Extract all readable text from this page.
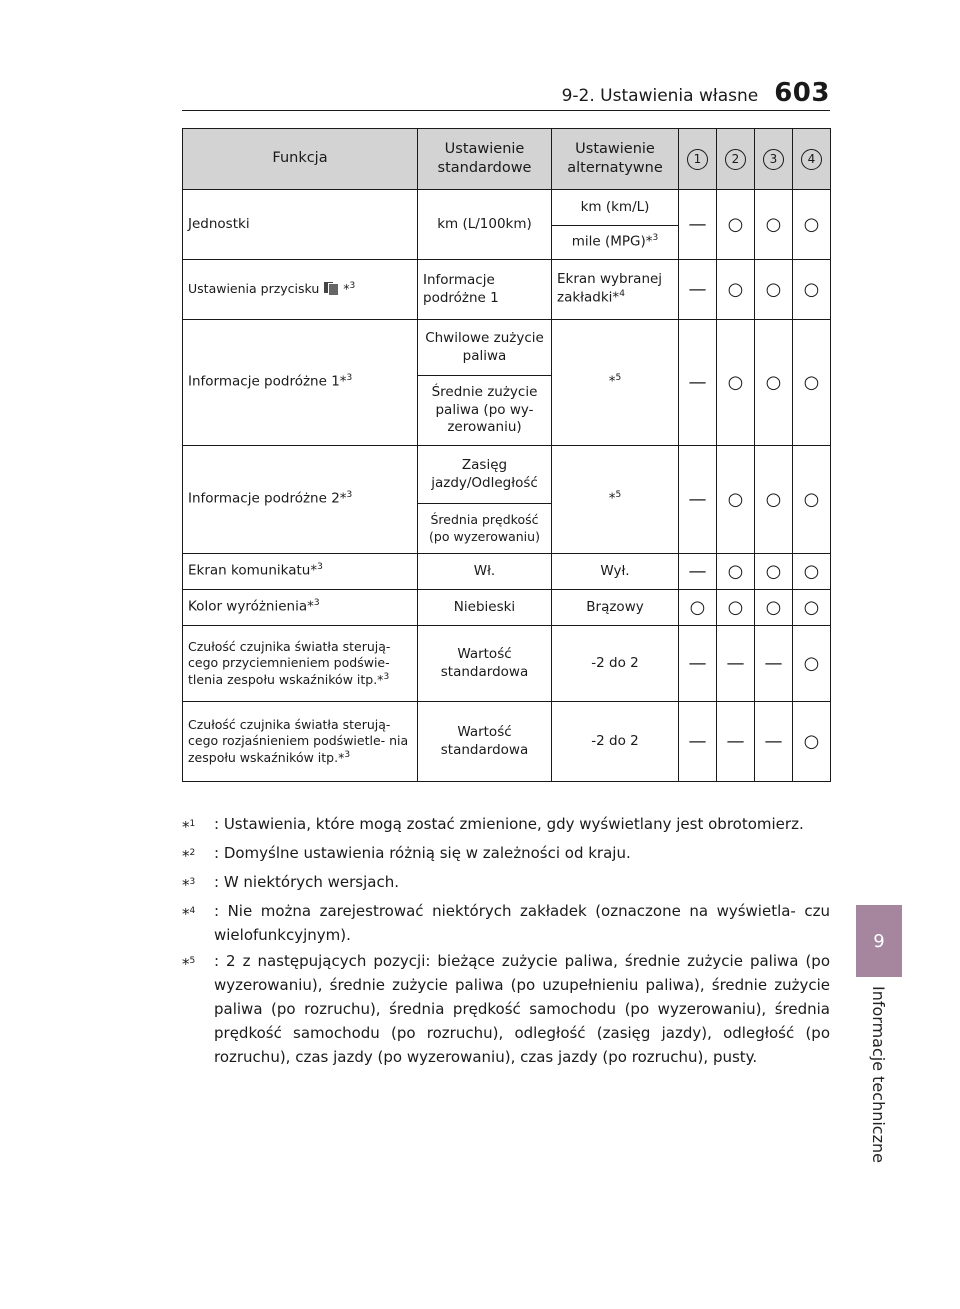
9-2. Ustawienia własne 603
9
Informacje techniczne
Funkcja	Ustawienie standardowe	Ustawienie alternatywne	1	2	3	4
Jednostki	km (L/100km)	km (km/L)	—	○	○	○
		mile (MPG)*$^3$
Ustawienia przycisku *$^3$	Informacje podróżne 1	Ekran wybranej zakładki*$^4$	—	○	○	○
Informacje podróżne 1*$^3$	Chwilowe zużycie paliwa	*$^5$	—	○	○	○
	Średnie zużycie paliwa (po wy- zerowaniu)					
Informacje podróżne 2*$^3$	Zasięg jazdy/Odległość	*$^5$	—	○	○	○
	Średnia prędkość (po wyzerowaniu)					
Ekran komunikatu*$^3$	Wł.	Wył.	—	○	○	○
Kolor wyróżnienia*$^3$	Niebieski	Brązowy	○	○	○	○
Czułość czujnika światła sterują- cego przyciemnieniem podświe- tlenia zespołu wskaźników itp.*$^3$	Wartość standardowa	-2 do 2	—	—	—	○
Czułość czujnika światła sterują- cego rozjaśnieniem podświetle- nia zespołu wskaźników itp.*$^3$	Wartość standardowa	-2 do 2	—	—	—	○
*$^1$	: Ustawienia, które mogą zostać zmienione, gdy wyświetlany jest obrotomierz.
*$^2$	: Domyślne ustawienia różnią się w zależności od kraju.
*$^3$	: W niektórych wersjach.
*$^4$	: Nie można zarejestrować niektórych zakładek (oznaczone na wyświetla- czu wielofunkcyjnym).
*$^5$	: 2 z następujących pozycji: bieżące zużycie paliwa, średnie zużycie paliwa (po wyzerowaniu), średnie zużycie paliwa (po uzupełnieniu paliwa), średnie zużycie paliwa (po rozruchu), średnia prędkość samochodu (po wyzerowaniu), średnia prędkość samochodu (po rozruchu), odległość (zasięg jazdy), odległość (po rozruchu), czas jazdy (po wyzerowaniu), czas jazdy (po rozruchu), pusty.
